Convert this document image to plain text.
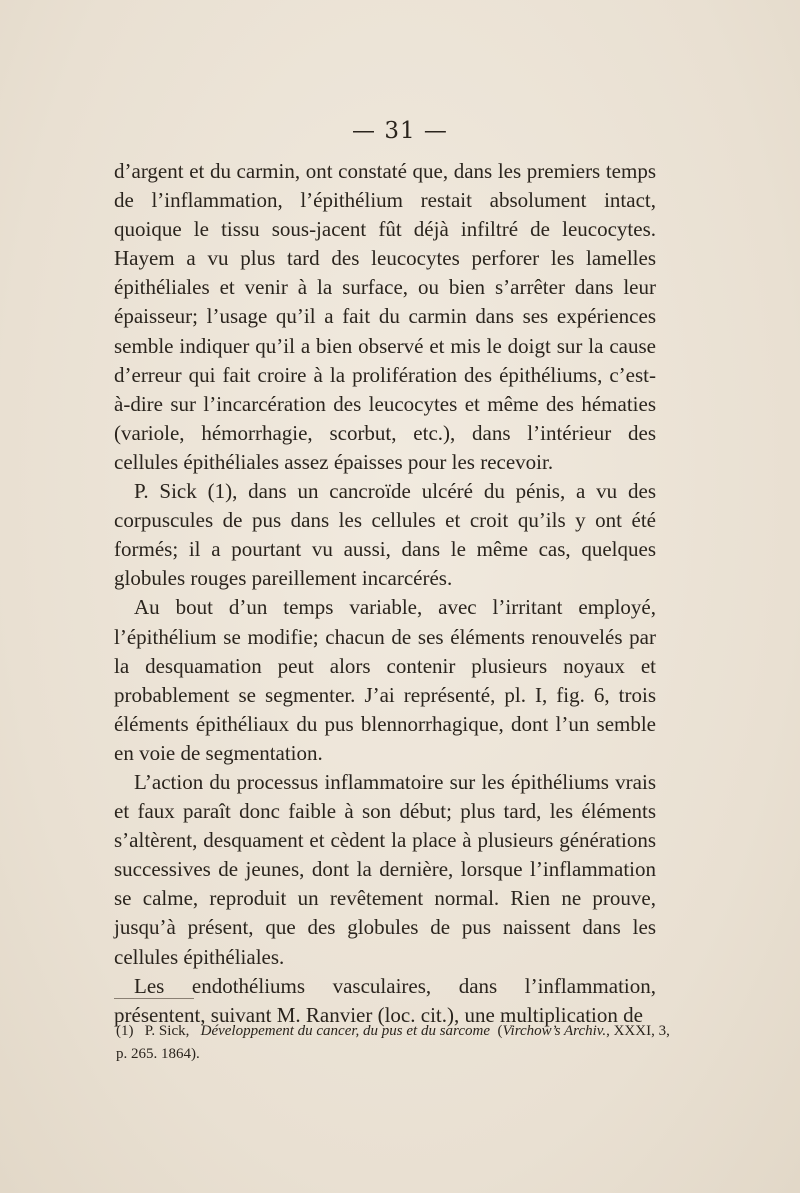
— 31 —

d’argent et du carmin, ont constaté que, dans les premiers temps de l’inflammation, l’épithélium restait absolument intact, quoique le tissu sous-jacent fût déjà infiltré de leucocytes. Hayem a vu plus tard des leucocytes perforer les lamelles épithéliales et venir à la surface, ou bien s’arrêter dans leur épaisseur; l’usage qu’il a fait du carmin dans ses expériences semble indiquer qu’il a bien observé et mis le doigt sur la cause d’erreur qui fait croire à la prolifération des épithéliums, c’est-à-dire sur l’incarcération des leucocytes et même des hématies (variole, hémorrhagie, scorbut, etc.), dans l’intérieur des cellules épithéliales assez épaisses pour les recevoir.

P. Sick (1), dans un cancroïde ulcéré du pénis, a vu des corpuscules de pus dans les cellules et croit qu’ils y ont été formés; il a pourtant vu aussi, dans le même cas, quelques globules rouges pareillement incarcérés.

Au bout d’un temps variable, avec l’irritant employé, l’épithélium se modifie; chacun de ses éléments renouvelés par la desquamation peut alors contenir plusieurs noyaux et probablement se segmenter. J’ai représenté, pl. I, fig. 6, trois éléments épithéliaux du pus blennorrhagique, dont l’un semble en voie de segmentation.

L’action du processus inflammatoire sur les épithéliums vrais et faux paraît donc faible à son début; plus tard, les éléments s’altèrent, desquament et cèdent la place à plusieurs générations successives de jeunes, dont la dernière, lorsque l’inflammation se calme, reproduit un revêtement normal. Rien ne prouve, jusqu’à présent, que des globules de pus naissent dans les cellules épithéliales.

Les endothéliums vasculaires, dans l’inflammation, présentent, suivant M. Ranvier (loc. cit.), une multiplication de

(1) P. Sick, Développement du cancer, du pus et du sarcome  (Virchow’s Archiv., XXXI, 3, p. 265. 1864).
